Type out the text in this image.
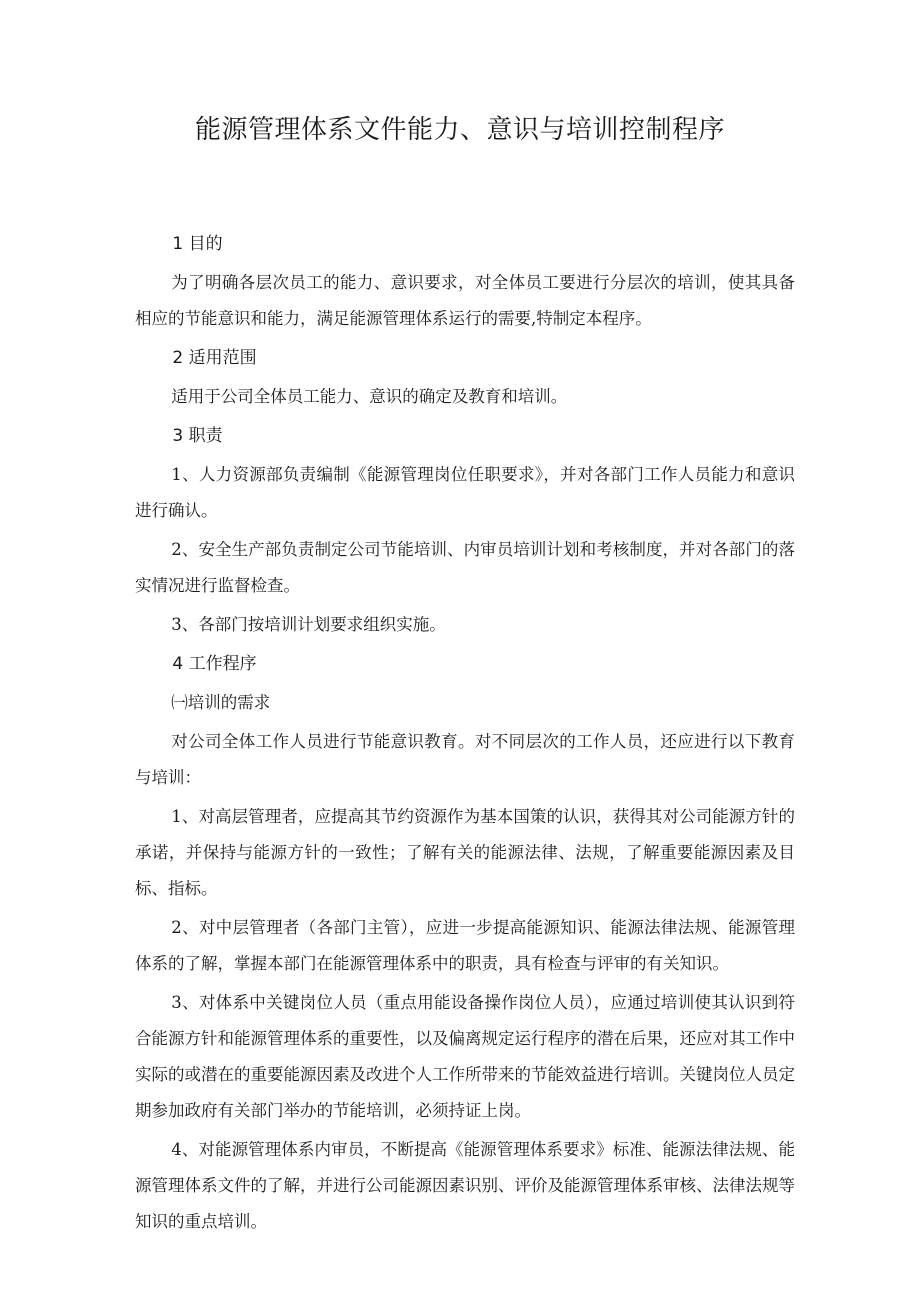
能源管理体系文件能力、意识与培训控制程序

1 目的

为了明确各层次员工的能力、意识要求，对全体员工要进行分层次的培训，使其具备相应的节能意识和能力，满足能源管理体系运行的需要,特制定本程序。

2 适用范围

适用于公司全体员工能力、意识的确定及教育和培训。

3 职责

1、人力资源部负责编制《能源管理岗位任职要求》，并对各部门工作人员能力和意识进行确认。

2、安全生产部负责制定公司节能培训、内审员培训计划和考核制度，并对各部门的落实情况进行监督检查。

3、各部门按培训计划要求组织实施。

4 工作程序

㈠培训的需求

对公司全体工作人员进行节能意识教育。对不同层次的工作人员，还应进行以下教育与培训：

1、对高层管理者，应提高其节约资源作为基本国策的认识，获得其对公司能源方针的承诺，并保持与能源方针的一致性；了解有关的能源法律、法规，了解重要能源因素及目标、指标。

2、对中层管理者（各部门主管），应进一步提高能源知识、能源法律法规、能源管理体系的了解，掌握本部门在能源管理体系中的职责，具有检查与评审的有关知识。

3、对体系中关键岗位人员（重点用能设备操作岗位人员），应通过培训使其认识到符合能源方针和能源管理体系的重要性，以及偏离规定运行程序的潜在后果，还应对其工作中实际的或潜在的重要能源因素及改进个人工作所带来的节能效益进行培训。关键岗位人员定期参加政府有关部门举办的节能培训，必须持证上岗。

4、对能源管理体系内审员，不断提高《能源管理体系要求》标准、能源法律法规、能源管理体系文件的了解，并进行公司能源因素识别、评价及能源管理体系审核、法律法规等知识的重点培训。
